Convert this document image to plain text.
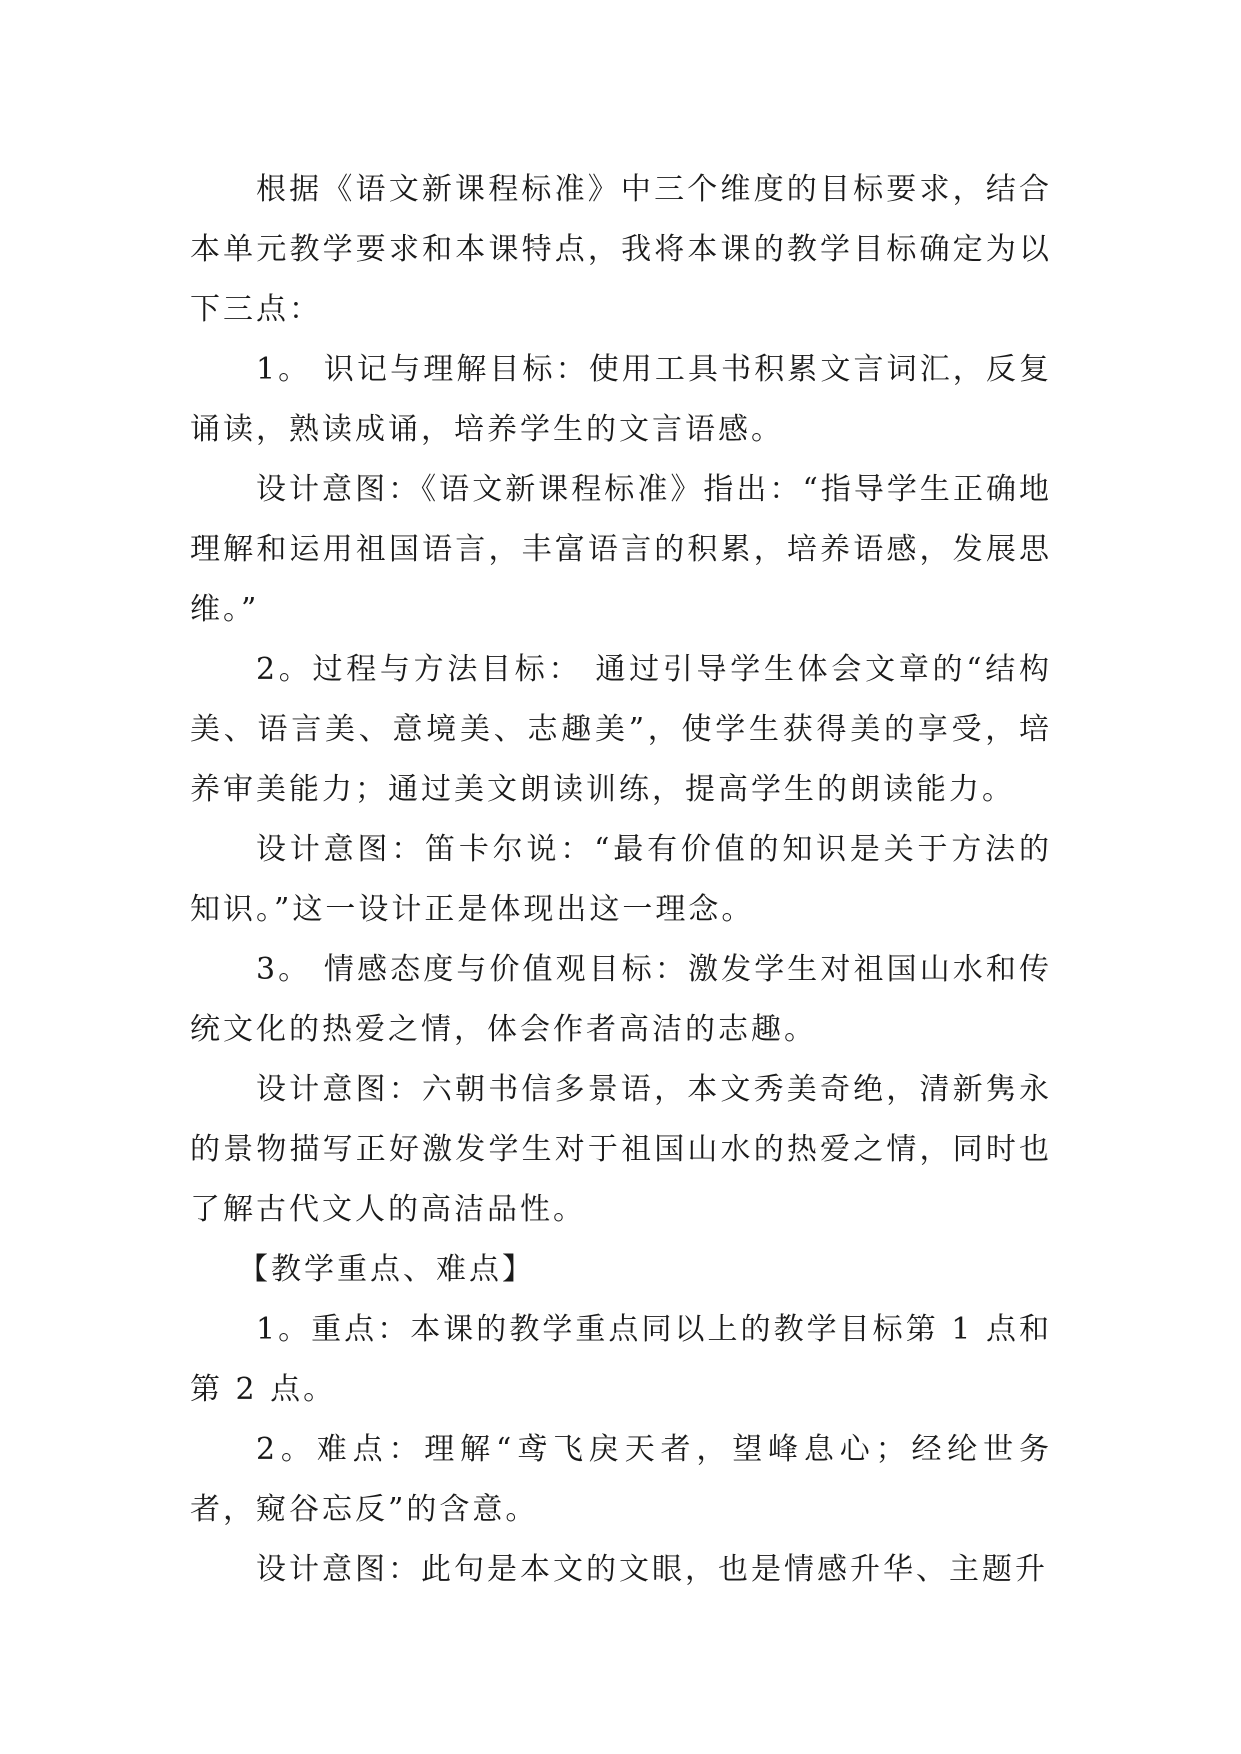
根据《语文新课程标准》中三个维度的目标要求，结合本单元教学要求和本课特点，我将本课的教学目标确定为以下三点：

1。 识记与理解目标：使用工具书积累文言词汇，反复诵读，熟读成诵，培养学生的文言语感。

设计意图：《语文新课程标准》指出：“指导学生正确地理解和运用祖国语言，丰富语言的积累，培养语感，发展思维。”

2。过程与方法目标： 通过引导学生体会文章的“结构美、语言美、意境美、志趣美”，使学生获得美的享受，培养审美能力；通过美文朗读训练，提高学生的朗读能力。

设计意图：笛卡尔说：“最有价值的知识是关于方法的知识。”这一设计正是体现出这一理念。

3。 情感态度与价值观目标：激发学生对祖国山水和传统文化的热爱之情，体会作者高洁的志趣。

设计意图：六朝书信多景语，本文秀美奇绝，清新隽永的景物描写正好激发学生对于祖国山水的热爱之情，同时也了解古代文人的高洁品性。

【教学重点、难点】

1。重点：本课的教学重点同以上的教学目标第 1 点和第 2 点。

2。难点：理解“鸢飞戾天者，望峰息心；经纶世务者，窥谷忘反”的含意。

设计意图：此句是本文的文眼，也是情感升华、主题升
